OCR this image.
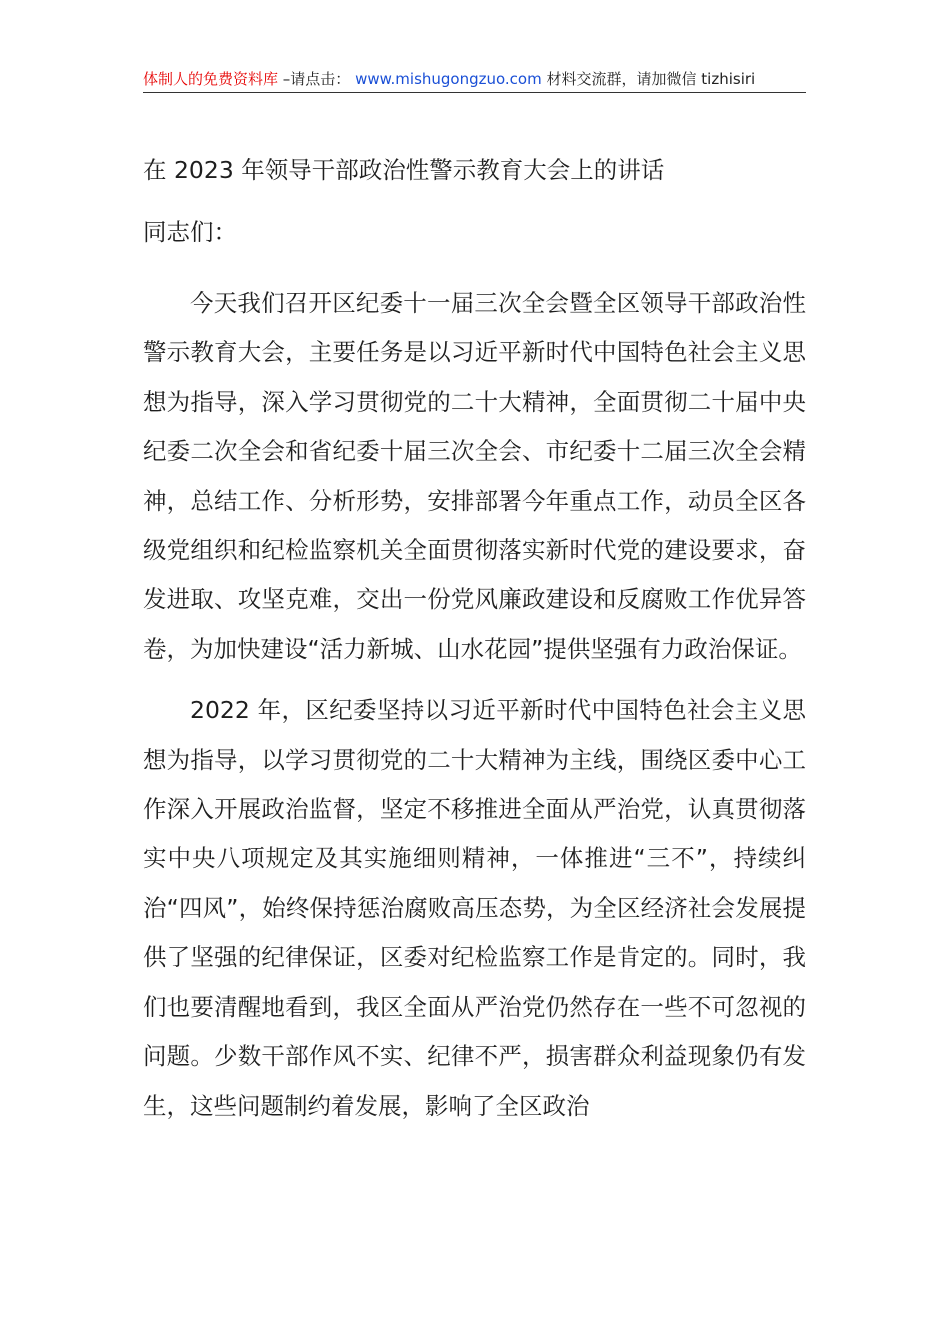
体制人的免费资料库 –请点击： www.mishugongzuo.com 材料交流群，请加微信 tizhisiri

在 2023 年领导干部政治性警示教育大会上的讲话

同志们：

今天我们召开区纪委十一届三次全会暨全区领导干部政治性警示教育大会，主要任务是以习近平新时代中国特色社会主义思想为指导，深入学习贯彻党的二十大精神，全面贯彻二十届中央纪委二次全会和省纪委十届三次全会、市纪委十二届三次全会精神，总结工作、分析形势，安排部署今年重点工作，动员全区各级党组织和纪检监察机关全面贯彻落实新时代党的建设要求，奋发进取、攻坚克难，交出一份党风廉政建设和反腐败工作优异答卷，为加快建设“活力新城、山水花园”提供坚强有力政治保证。

2022 年，区纪委坚持以习近平新时代中国特色社会主义思想为指导，以学习贯彻党的二十大精神为主线，围绕区委中心工作深入开展政治监督，坚定不移推进全面从严治党，认真贯彻落实中央八项规定及其实施细则精神，一体推进“三不”，持续纠治“四风”，始终保持惩治腐败高压态势，为全区经济社会发展提供了坚强的纪律保证，区委对纪检监察工作是肯定的。同时，我们也要清醒地看到，我区全面从严治党仍然存在一些不可忽视的问题。少数干部作风不实、纪律不严，损害群众利益现象仍有发生，这些问题制约着发展，影响了全区政治
